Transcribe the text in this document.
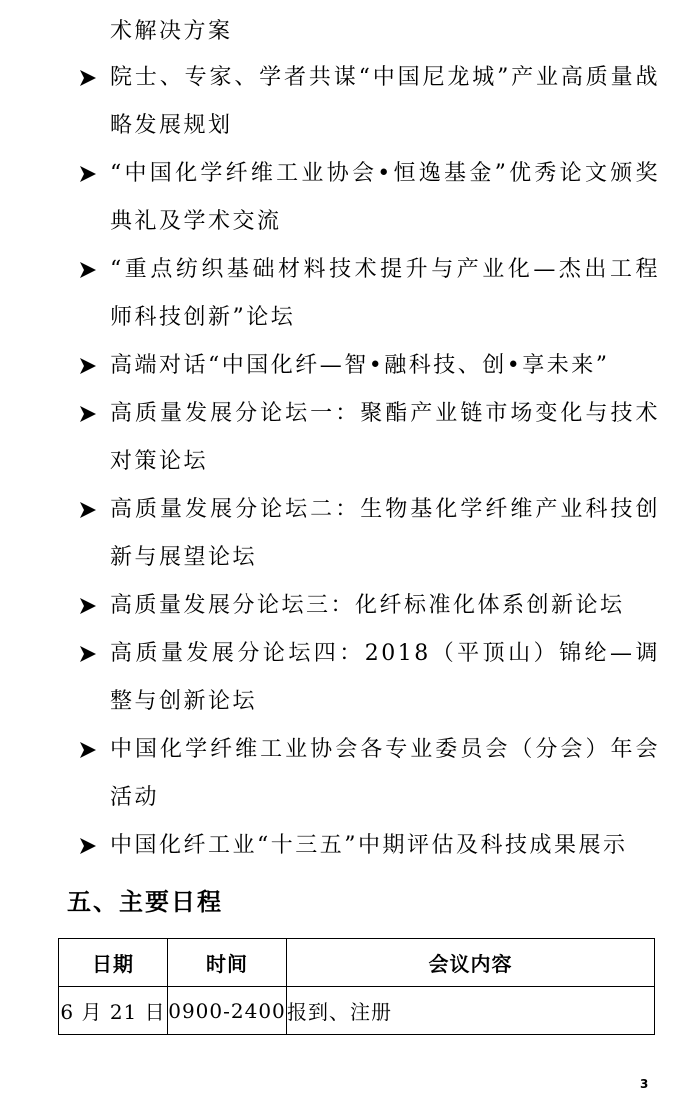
术解决方案

院士、专家、学者共谋“中国尼龙城”产业高质量战略发展规划

“中国化学纤维工业协会•恒逸基金”优秀论文颁奖典礼及学术交流

“重点纺织基础材料技术提升与产业化—杰出工程师科技创新”论坛

高端对话“中国化纤—智•融科技、创•享未来”

高质量发展分论坛一：聚酯产业链市场变化与技术对策论坛

高质量发展分论坛二：生物基化学纤维产业科技创新与展望论坛

高质量发展分论坛三：化纤标准化体系创新论坛

高质量发展分论坛四：2018（平顶山）锦纶—调整与创新论坛

中国化学纤维工业协会各专业委员会（分会）年会活动

中国化纤工业“十三五”中期评估及科技成果展示

五、主要日程
日期	时间	会议内容
6 月 21 日	0900-2400	报到、注册
3
